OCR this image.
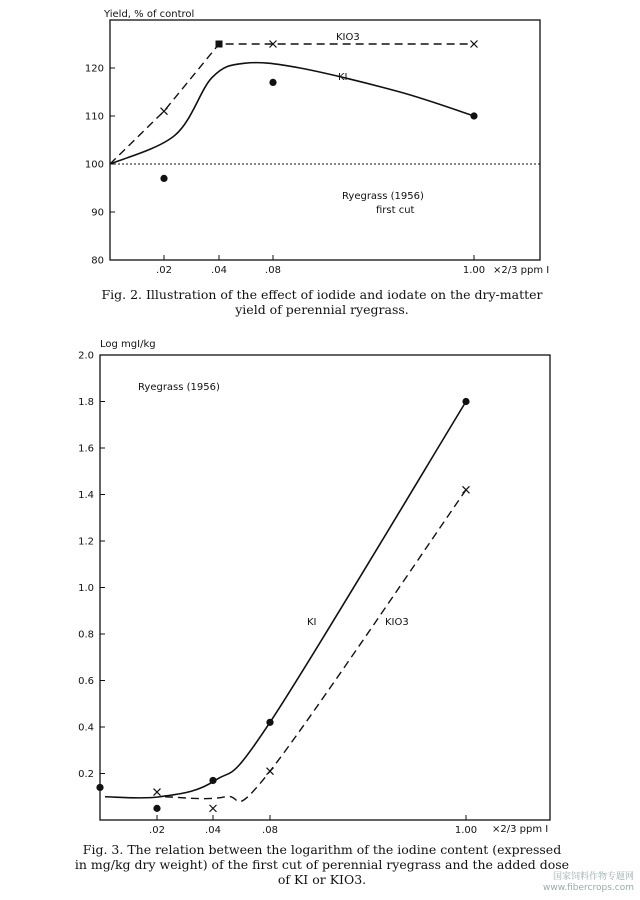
Yield, % of control
80
90
100
110
120
.02	.04	.08	1.00 ×2/3 ppm I
KIO3
KI
Ryegrass (1956)
first cut
Log mgI/kg
0.2
0.4
0.6
0.8
1.0
1.2
1.4
1.6
1.8
2.0
.02	.04	.08	1.00 ×2/3 ppm I
Ryegrass (1956)
KI	KIO3
Fig. 2. Illustration of the effect of iodide and iodate on the dry-matter
yield of perennial ryegrass.
Fig. 3. The relation between the logarithm of the iodine content (expressed
in mg/kg dry weight) of the first cut of perennial ryegrass and the added dose
of KI or KIO3.	国家饲料作物专题网
www.fibercrops.com
